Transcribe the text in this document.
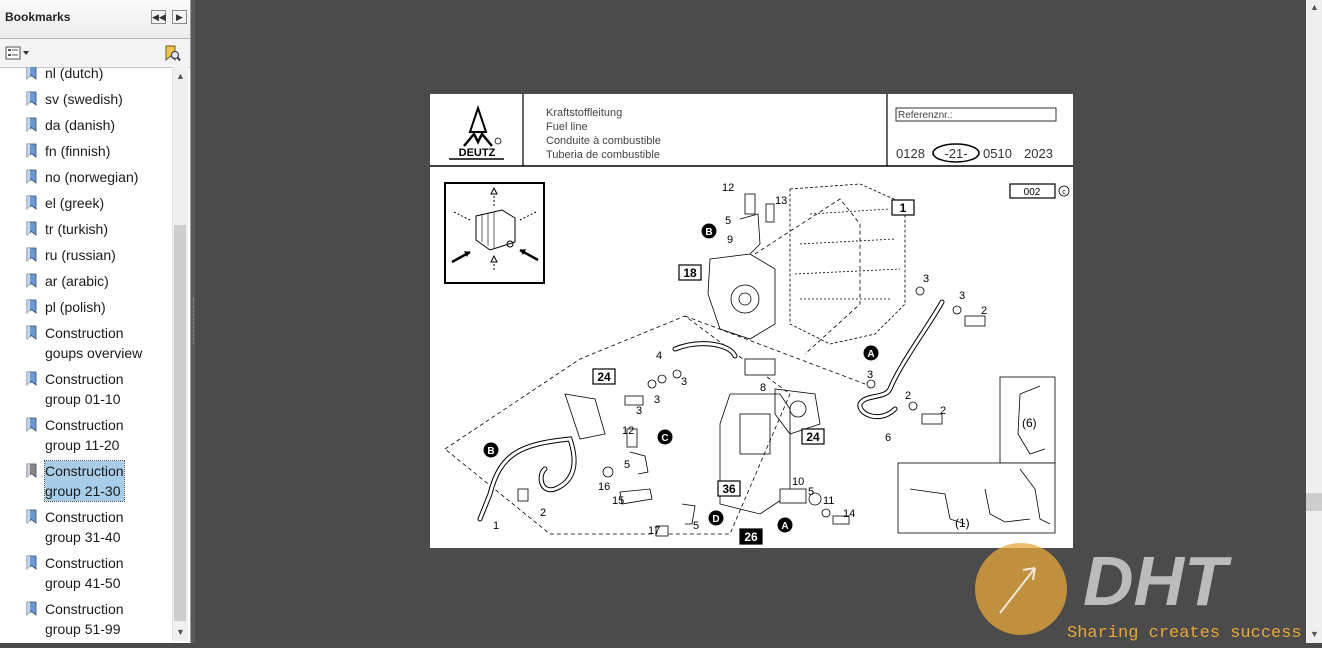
Bookmarks	◀◀	▶
nl (dutch)
sv (swedish)
da (danish)
fn (finnish)
no (norwegian)
el (greek)
tr (turkish)
ru (russian)
ar (arabic)
pl (polish)
Construction
goups overview
Construction
group 01-10
Construction
group 11-20
Construction
group 21-30
Construction
group 31-40
Construction
group 41-50
Construction
group 51-99
▲
▼
DEUTZ
Kraftstoffleitung
Fuel line
Conduite à combustible
Tuberia de combustible
Referenznr.:
0128 -21- 0510 2023
002	c
12
13
5
9
3
3
2
4
3	8
3
2
3
3
2
6
12
5
16
15
10
5
11
14
17	5
1
2
A
B
C
D
A
B
1
18
24
24
36
26
(6)
(1)
▲
▼
DHT
Sharing creates success
